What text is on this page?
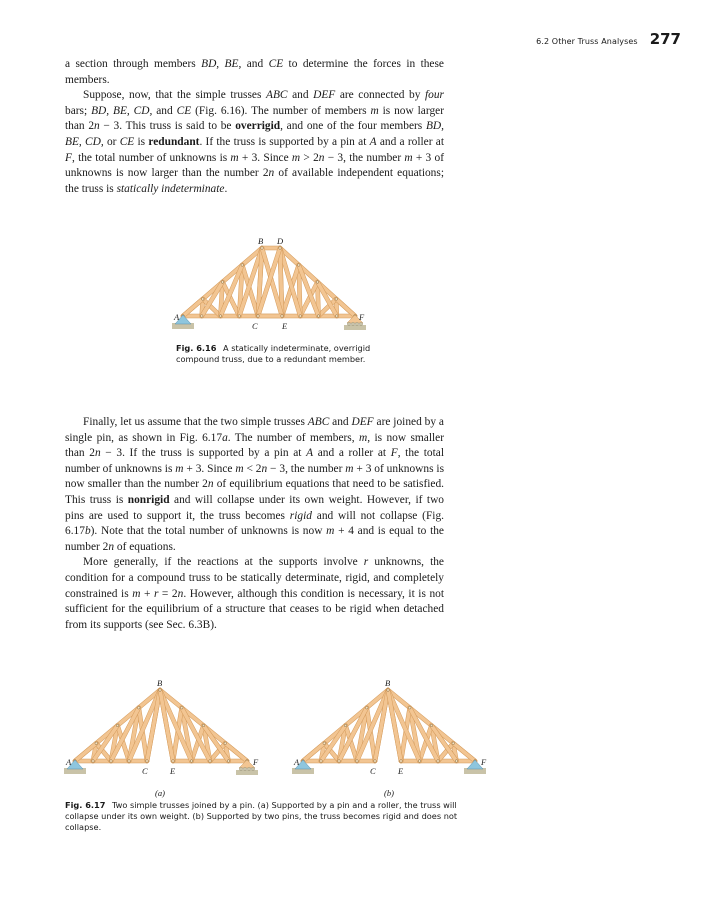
6.2 Other Truss Analyses 277

a section through members BD, BE, and CE to determine the forces in these members.

Suppose, now, that the simple trusses ABC and DEF are connected by four bars; BD, BE, CD, and CE (Fig. 6.16). The number of members m is now larger than 2n − 3. This truss is said to be overrigid, and one of the four members BD, BE, CD, or CE is redundant. If the truss is supported by a pin at A and a roller at F, the total number of unknowns is m + 3. Since m > 2n − 3, the number m + 3 of unknowns is now larger than the number 2n of available independent equations; the truss is statically indeterminate.

A
B D
C	E
F
Fig. 6.16 A statically indeterminate, overrigid compound truss, due to a redundant member.

Finally, let us assume that the two simple trusses ABC and DEF are joined by a single pin, as shown in Fig. 6.17a. The number of members, m, is now smaller than 2n − 3. If the truss is supported by a pin at A and a roller at F, the total number of unknowns is m + 3. Since m < 2n − 3, the number m + 3 of unknowns is now smaller than the number 2n of equilibrium equations that need to be satisfied. This truss is nonrigid and will collapse under its own weight. However, if two pins are used to support it, the truss becomes rigid and will not collapse (Fig. 6.17b). Note that the total number of unknowns is now m + 4 and is equal to the number 2n of equations.

More generally, if the reactions at the supports involve r unknowns, the condition for a compound truss to be statically determinate, rigid, and completely constrained is m + r = 2n. However, although this condition is necessary, it is not sufficient for the equilibrium of a structure that ceases to be rigid when detached from its supports (see Sec. 6.3B).

A
B
C	E
F
(a)
A
B
C	E
F
(b)
Fig. 6.17 Two simple trusses joined by a pin. (a) Supported by a pin and a roller, the truss will collapse under its own weight. (b) Supported by two pins, the truss becomes rigid and does not collapse.
